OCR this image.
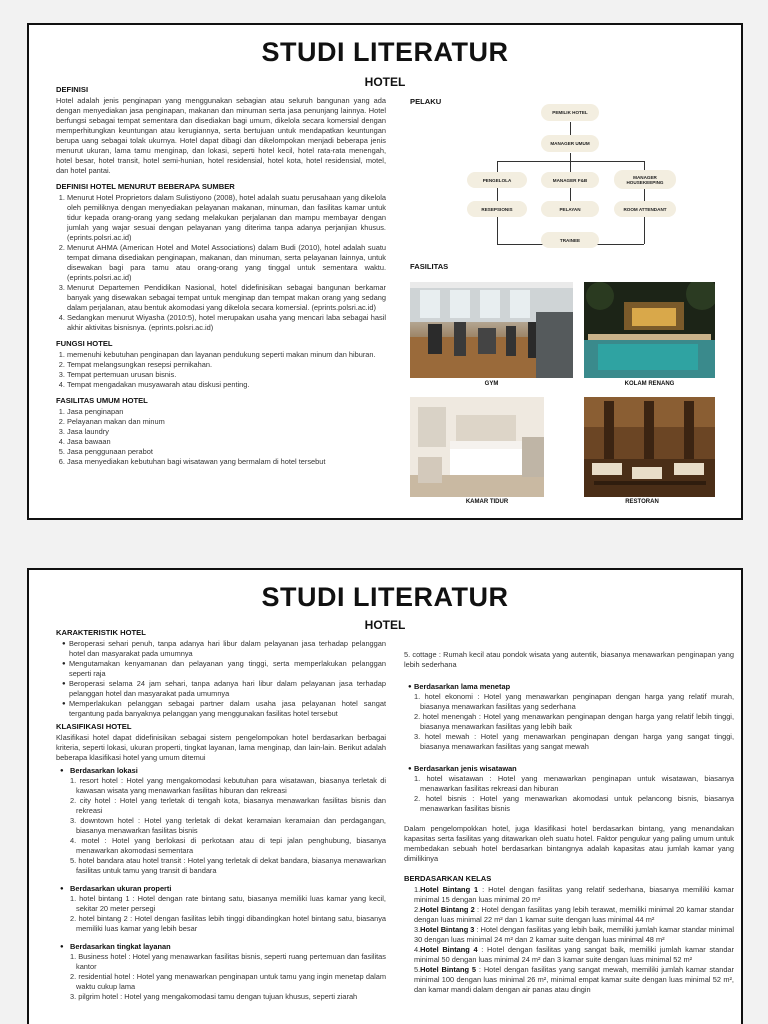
STUDI LITERATUR
HOTEL
DEFINISI
Hotel adalah jenis penginapan yang menggunakan sebagian atau seluruh bangunan yang ada dengan menyediakan jasa penginapan, makanan dan minuman serta jasa penunjang lainnya. Hotel berfungsi sebagai tempat sementara dan disediakan bagi umum, dikelola secara komersial dengan memperhitungkan keuntungan atau kerugiannya, serta bertujuan untuk mendapatkan keuntungan berupa uang sebagai tolak ukurnya. Hotel dapat dibagi dan dikelompokan menjadi beberapa jenis menurut ukuran, lama tamu menginap, dan lokasi, seperti hotel kecil, hotel rata-rata menengah, hotel besar, hotel transit, hotel semi-hunian, hotel residensial, hotel kota, hotel residensial, motel, dan hotel pantai.
DEFINISI HOTEL MENURUT BEBERAPA SUMBER
1. Menurut Hotel Proprietors dalam Sulistiyono (2008), hotel adalah suatu perusahaan yang dikelola oleh pemiliknya dengan menyediakan pelayanan makanan, minuman, dan fasilitas kamar untuk tidur kepada orang-orang yang sedang melakukan perjalanan dan mampu membayar dengan jumlah yang wajar sesuai dengan pelayanan yang diterima tanpa adanya perjanjian khusus. (eprints.polsri.ac.id)
2. Menurut AHMA (American Hotel and Motel Associations) dalam Budi (2010), hotel adalah suatu tempat dimana disediakan penginapan, makanan, dan minuman, serta pelayanan lainnya, untuk disewakan bagi para tamu atau orang-orang yang tinggal untuk sementara waktu. (eprints.polsri.ac.id)
3. Menurut Departemen Pendidikan Nasional, hotel didefinisikan sebagai bangunan berkamar banyak yang disewakan sebagai tempat untuk menginap dan tempat makan orang yang sedang dalam perjalanan, atau bentuk akomodasi yang dikelola secara komersial. (eprints.polsri.ac.id)
4. Sedangkan menurut Wiyasha (2010:5), hotel merupakan usaha yang mencari laba sebagai hasil akhir aktivitas bisnisnya. (eprints.polsri.ac.id)
FUNGSI HOTEL
1. memenuhi kebutuhan penginapan dan layanan pendukung seperti makan minum dan hiburan.
2. Tempat melangsungkan resepsi pernikahan.
3. Tempat pertemuan urusan bisnis.
4. Tempat mengadakan musyawarah atau diskusi penting.
FASILITAS UMUM HOTEL
1. Jasa penginapan
2. Pelayanan makan dan minum
3. Jasa laundry
4. Jasa bawaan
5. Jasa penggunaan perabot
6. Jasa menyediakan kebutuhan bagi wisatawan yang bermalam di hotel tersebut
PELAKU
PEMILIK HOTEL
MANAGER UMUM
PENGELOLA	MANAGER F&B
MANAGER HOUSEKEEPING
RESEPSIONIS	PELAYAN	ROOM ATTENDANT
TRAINEE
FASILITAS
GYM	KOLAM RENANG
KAMAR TIDUR	RESTORAN
STUDI LITERATUR
HOTEL
KARAKTERISTIK HOTEL
● Beroperasi sehari penuh, tanpa adanya hari libur dalam pelayanan jasa terhadap pelanggan hotel dan masyarakat pada umumnya
● Mengutamakan kenyamanan dan pelayanan yang tinggi, serta memperlakukan pelanggan seperti raja
● Beroperasi selama 24 jam sehari, tanpa adanya hari libur dalam pelayanan jasa terhadap pelanggan hotel dan masyarakat pada umumnya
● Memperlakukan pelanggan sebagai partner dalam usaha jasa pelayanan hotel sangat tergantung pada banyaknya pelanggan yang menggunakan fasilitas hotel tersebut
KLASIFIKASI HOTEL
Klasifikasi hotel dapat didefinisikan sebagai sistem pengelompokan hotel berdasarkan berbagai kriteria, seperti lokasi, ukuran properti, tingkat layanan, lama menginap, dan lain-lain. Berikut adalah beberapa klasifikasi hotel yang umum ditemui
● Berdasarkan lokasi
1. resort hotel : Hotel yang mengakomodasi kebutuhan para wisatawan, biasanya terletak di kawasan wisata yang menawarkan fasilitas hiburan dan rekreasi
2. city hotel : Hotel yang terletak di tengah kota, biasanya menawarkan fasilitas bisnis dan rekreasi
3. downtown hotel : Hotel yang terletak di dekat keramaian keramaian dan perdagangan, biasanya menawarkan fasilitas bisnis
4. motel : Hotel yang berlokasi di perkotaan atau di tepi jalan penghubung, biasanya menawarkan akomodasi sementara
5. hotel bandara atau hotel transit : Hotel yang terletak di dekat bandara, biasanya menawarkan fasilitas untuk tamu yang transit di bandara
● Berdasarkan ukuran properti
1. hotel bintang 1 : Hotel dengan rate bintang satu, biasanya memiliki luas kamar yang kecil, sekitar 20 meter persegi
2. hotel bintang 2 : Hotel dengan fasilitas lebih tinggi dibandingkan hotel bintang satu, biasanya memiliki luas kamar yang lebih besar
● Berdasarkan tingkat layanan
1. Business hotel : Hotel yang menawarkan fasilitas bisnis, seperti ruang pertemuan dan fasilitas kantor
2. residential hotel : Hotel yang menawarkan penginapan untuk tamu yang ingin menetap dalam waktu cukup lama
3. pilgrim hotel : Hotel yang mengakomodasi tamu dengan tujuan khusus, seperti ziarah
5. cottage : Rumah kecil atau pondok wisata yang autentik, biasanya menawarkan penginapan yang lebih sederhana
● Berdasarkan lama menetap
1. hotel ekonomi : Hotel yang menawarkan penginapan dengan harga yang relatif murah, biasanya menawarkan fasilitas yang sederhana
2. hotel menengah : Hotel yang menawarkan penginapan dengan harga yang relatif lebih tinggi, biasanya menawarkan fasilitas yang lebih baik
3. hotel mewah : Hotel yang menawarkan penginapan dengan harga yang sangat tinggi, biasanya menawarkan fasilitas yang sangat mewah
● Berdasarkan jenis wisatawan
1. hotel wisatawan : Hotel yang menawarkan penginapan untuk wisatawan, biasanya menawarkan fasilitas rekreasi dan hiburan
2. hotel bisnis : Hotel yang menawarkan akomodasi untuk pelancong bisnis, biasanya menawarkan fasilitas bisnis
Dalam pengelompokkan hotel, juga klasifikasi hotel berdasarkan bintang, yang menandakan kapasitas serta fasilitas yang ditawarkan oleh suatu hotel. Faktor pengukur yang paling umum untuk membedakan sebuah hotel berdasarkan bintangnya adalah kapasitas atau jumlah kamar yang dimilikinya
BERDASARKAN KELAS
1.Hotel Bintang 1 : Hotel dengan fasilitas yang relatif sederhana, biasanya memiliki kamar minimal 15 dengan luas minimal 20 m²
2.Hotel Bintang 2 : Hotel dengan fasilitas yang lebih terawat, memiliki minimal 20 kamar standar dengan luas minimal 22 m² dan 1 kamar suite dengan luas minimal 44 m²
3.Hotel Bintang 3 : Hotel dengan fasilitas yang lebih baik, memiliki jumlah kamar standar minimal 30 dengan luas minimal 24 m² dan 2 kamar suite dengan luas minimal 48 m²
4.Hotel Bintang 4 : Hotel dengan fasilitas yang sangat baik, memiliki jumlah kamar standar minimal 50 dengan luas minimal 24 m² dan 3 kamar suite dengan luas minimal 52 m²
5.Hotel Bintang 5 : Hotel dengan fasilitas yang sangat mewah, memiliki jumlah kamar standar minimal 100 dengan luas minimal 26 m², minimal empat kamar suite dengan luas minimal 52 m², dan kamar mandi dalam dengan air panas atau dingin
